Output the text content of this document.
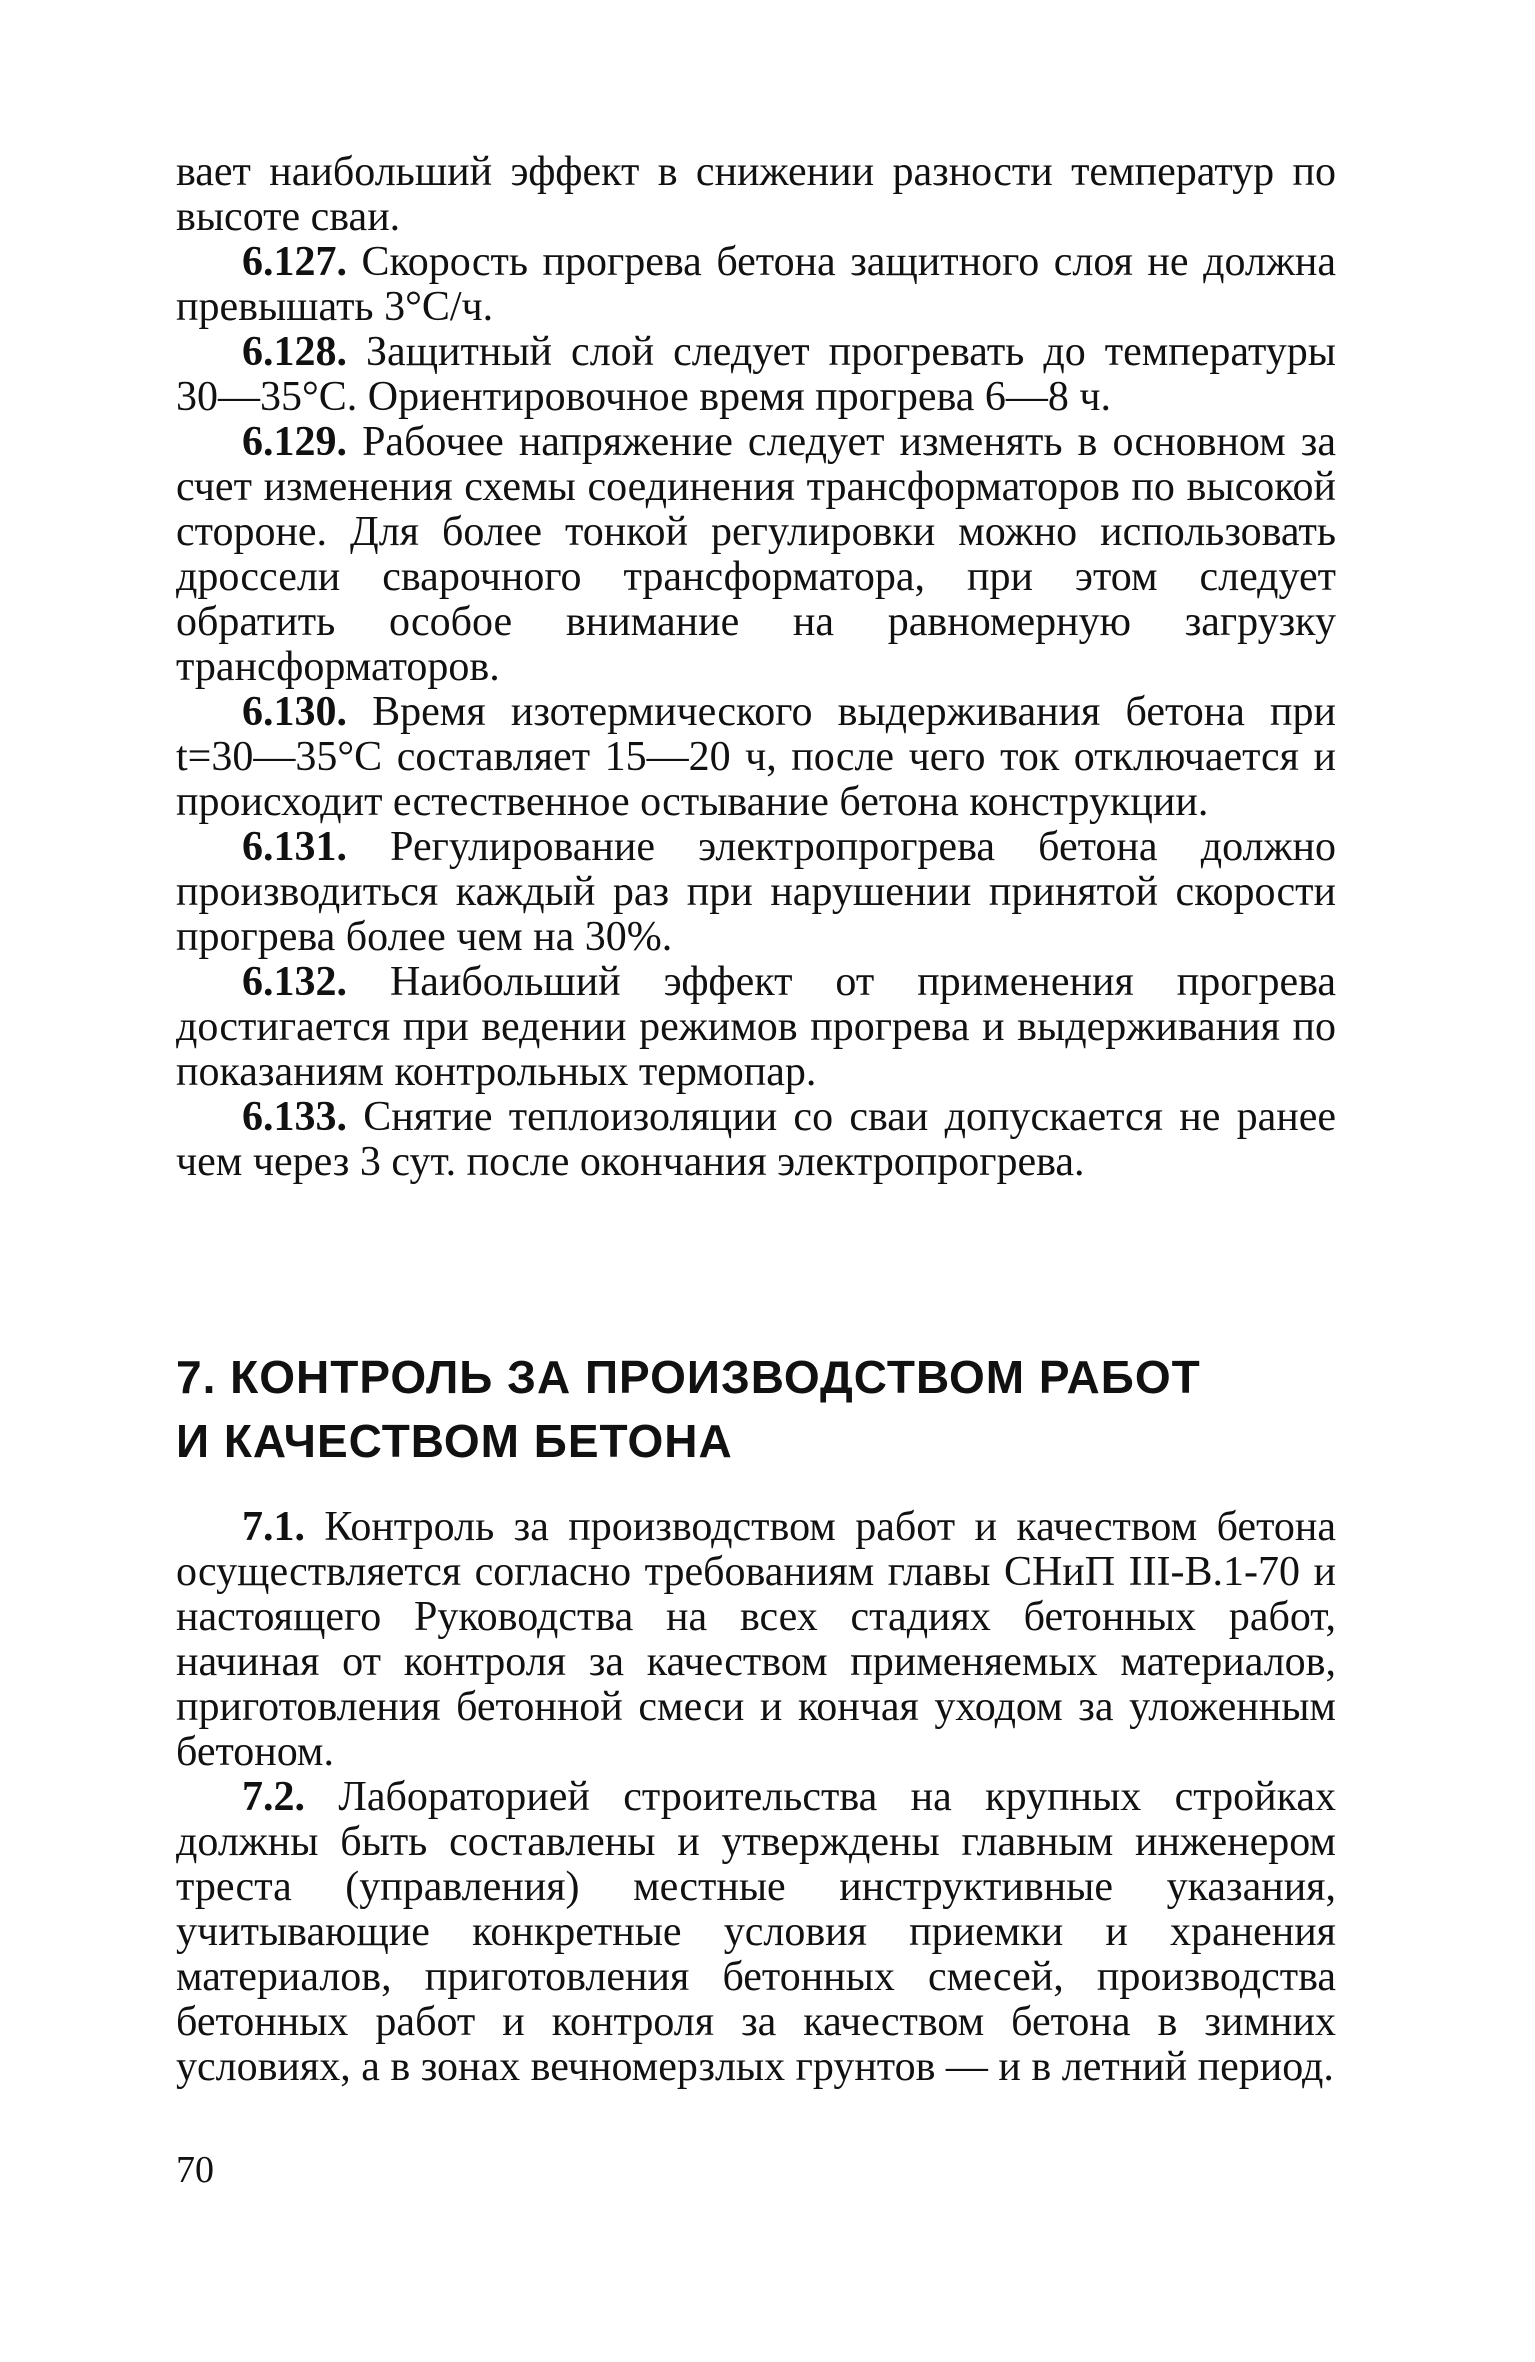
вает наибольший эффект в снижении разности температур по высоте сваи.

6.127. Скорость прогрева бетона защитного слоя не должна превышать 3°С/ч.

6.128. Защитный слой следует прогревать до температуры 30—35°С. Ориентировочное время прогрева 6—8 ч.

6.129. Рабочее напряжение следует изменять в основном за счет изменения схемы соединения трансформаторов по высокой стороне. Для более тонкой регулировки можно использовать дроссели сварочного трансформатора, при этом следует обратить особое внимание на равномерную загрузку трансформаторов.

6.130. Время изотермического выдерживания бетона при t=30—35°С составляет 15—20 ч, после чего ток отключается и происходит естественное остывание бетона конструкции.

6.131. Регулирование электропрогрева бетона должно производиться каждый раз при нарушении принятой скорости прогрева более чем на 30%.

6.132. Наибольший эффект от применения прогрева достигается при ведении режимов прогрева и выдерживания по показаниям контрольных термопар.

6.133. Снятие теплоизоляции со сваи допускается не ранее чем через 3 сут. после окончания электропрогрева.

7. КОНТРОЛЬ ЗА ПРОИЗВОДСТВОМ РАБОТ
И КАЧЕСТВОМ БЕТОНА

7.1. Контроль за производством работ и качеством бетона осуществляется согласно требованиям главы СНиП III-В.1-70 и настоящего Руководства на всех стадиях бетонных работ, начиная от контроля за качеством применяемых материалов, приготовления бетонной смеси и кончая уходом за уложенным бетоном.

7.2. Лабораторией строительства на крупных стройках должны быть составлены и утверждены главным инженером треста (управления) местные инструктивные указания, учитывающие конкретные условия приемки и хранения материалов, приготовления бетонных смесей, производства бетонных работ и контроля за качеством бетона в зимних условиях, а в зонах вечномерзлых грунтов — и в летний период.

70
